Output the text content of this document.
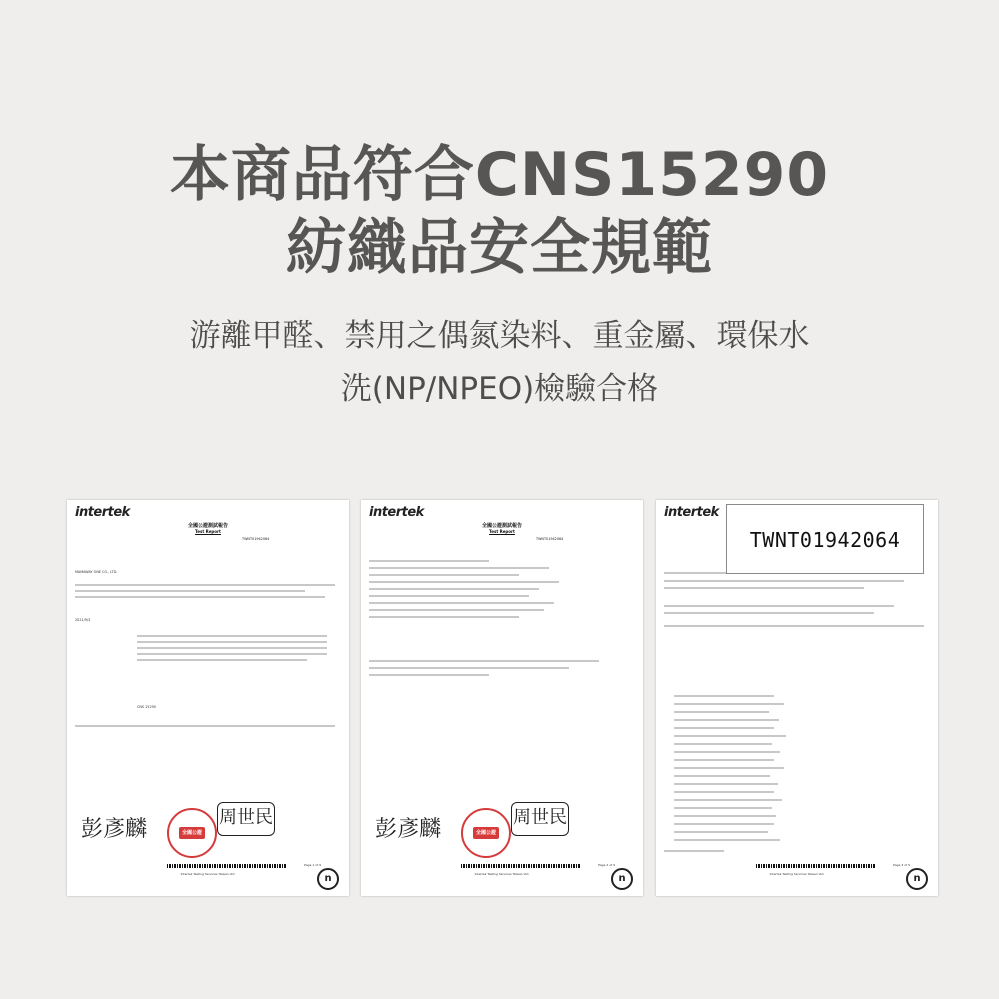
本商品符合CNS15290
紡織品安全規範
游離甲醛、禁用之偶氮染料、重金屬、環保水
洗(NP/NPEO)檢驗合格
intertek
全國公證測試報告
Test Report
TWNT01942064
MAMAWAY ONE CO., LTD.
2021/9/3
CNS 15290
彭彥麟	全國公證
周世民
Page 1 of 9
Intertek Testing Services Taiwan Ltd.	n
intertek
全國公證測試報告
Test Report
TWNT01942064
彭彥麟	全國公證
周世民
Page 2 of 9
Intertek Testing Services Taiwan Ltd.	n
intertek
Page 3 of 9
Intertek Testing Services Taiwan Ltd.	n
TWNT01942064
